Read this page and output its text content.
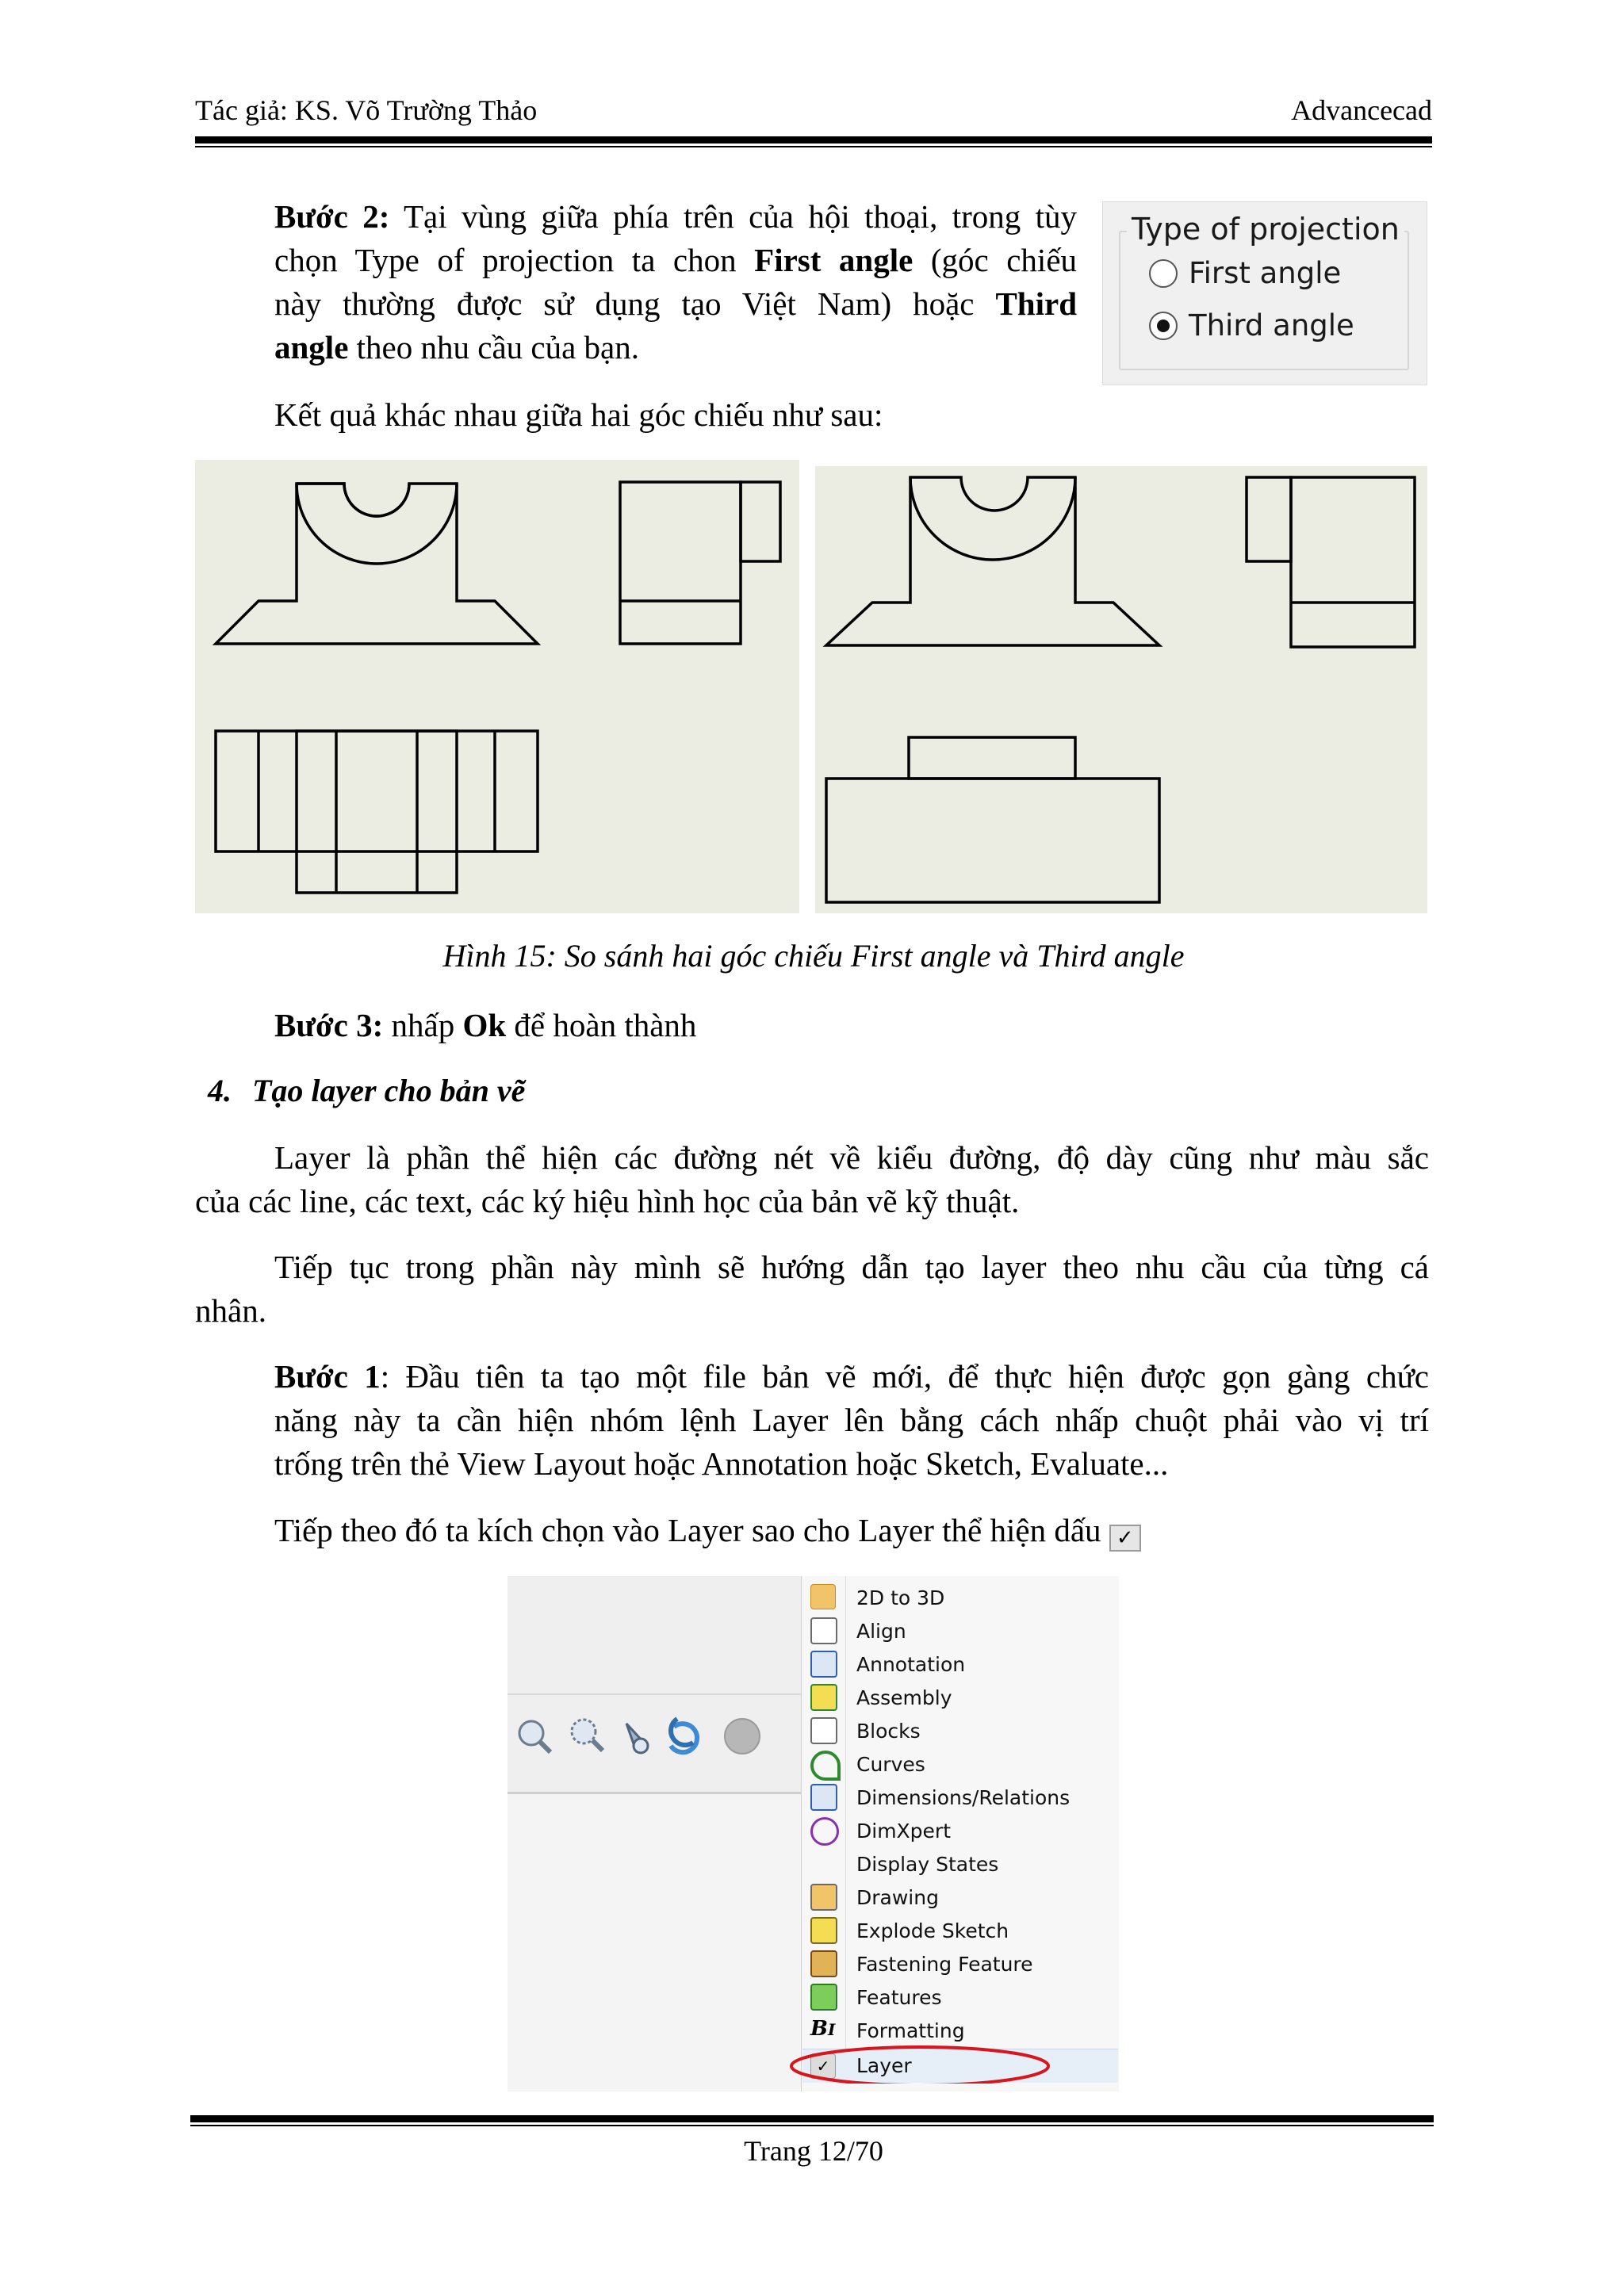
Tác giả: KS. Võ Trường Thảo	Advancecad
Bước 2: Tại vùng giữa phía trên của hội thoại, trong tùy
chọn Type of projection ta chon First angle (góc chiếu
này thường được sử dụng tạo Việt Nam) hoặc Third
angle theo nhu cầu của bạn.
Type of projection
First angle
Third angle
Kết quả khác nhau giữa hai góc chiếu như sau:
Hình 15: So sánh hai góc chiếu First angle và Third angle
Bước 3: nhấp Ok để hoàn thành
4. Tạo layer cho bản vẽ
Layer là phần thể hiện các đường nét về kiểu đường, độ dày cũng như màu sắc
của các line, các text, các ký hiệu hình học của bản vẽ kỹ thuật.
Tiếp tục trong phần này mình sẽ hướng dẫn tạo layer theo nhu cầu của từng cá
nhân.
Bước 1: Đầu tiên ta tạo một file bản vẽ mới, để thực hiện được gọn gàng chức
năng này ta cần hiện nhóm lệnh Layer lên bằng cách nhấp chuột phải vào vị trí
trống trên thẻ View Layout hoặc Annotation hoặc Sketch, Evaluate...
Tiếp theo đó ta kích chọn vào Layer sao cho Layer thể hiện dấu ✓
2D to 3D
Align
Annotation
Assembly
Blocks
Curves
Dimensions/Relations
DimXpert
Display States
Drawing
Explode Sketch
Fastening Feature
Features
BI Formatting
✓	Layer
Trang 12/70
